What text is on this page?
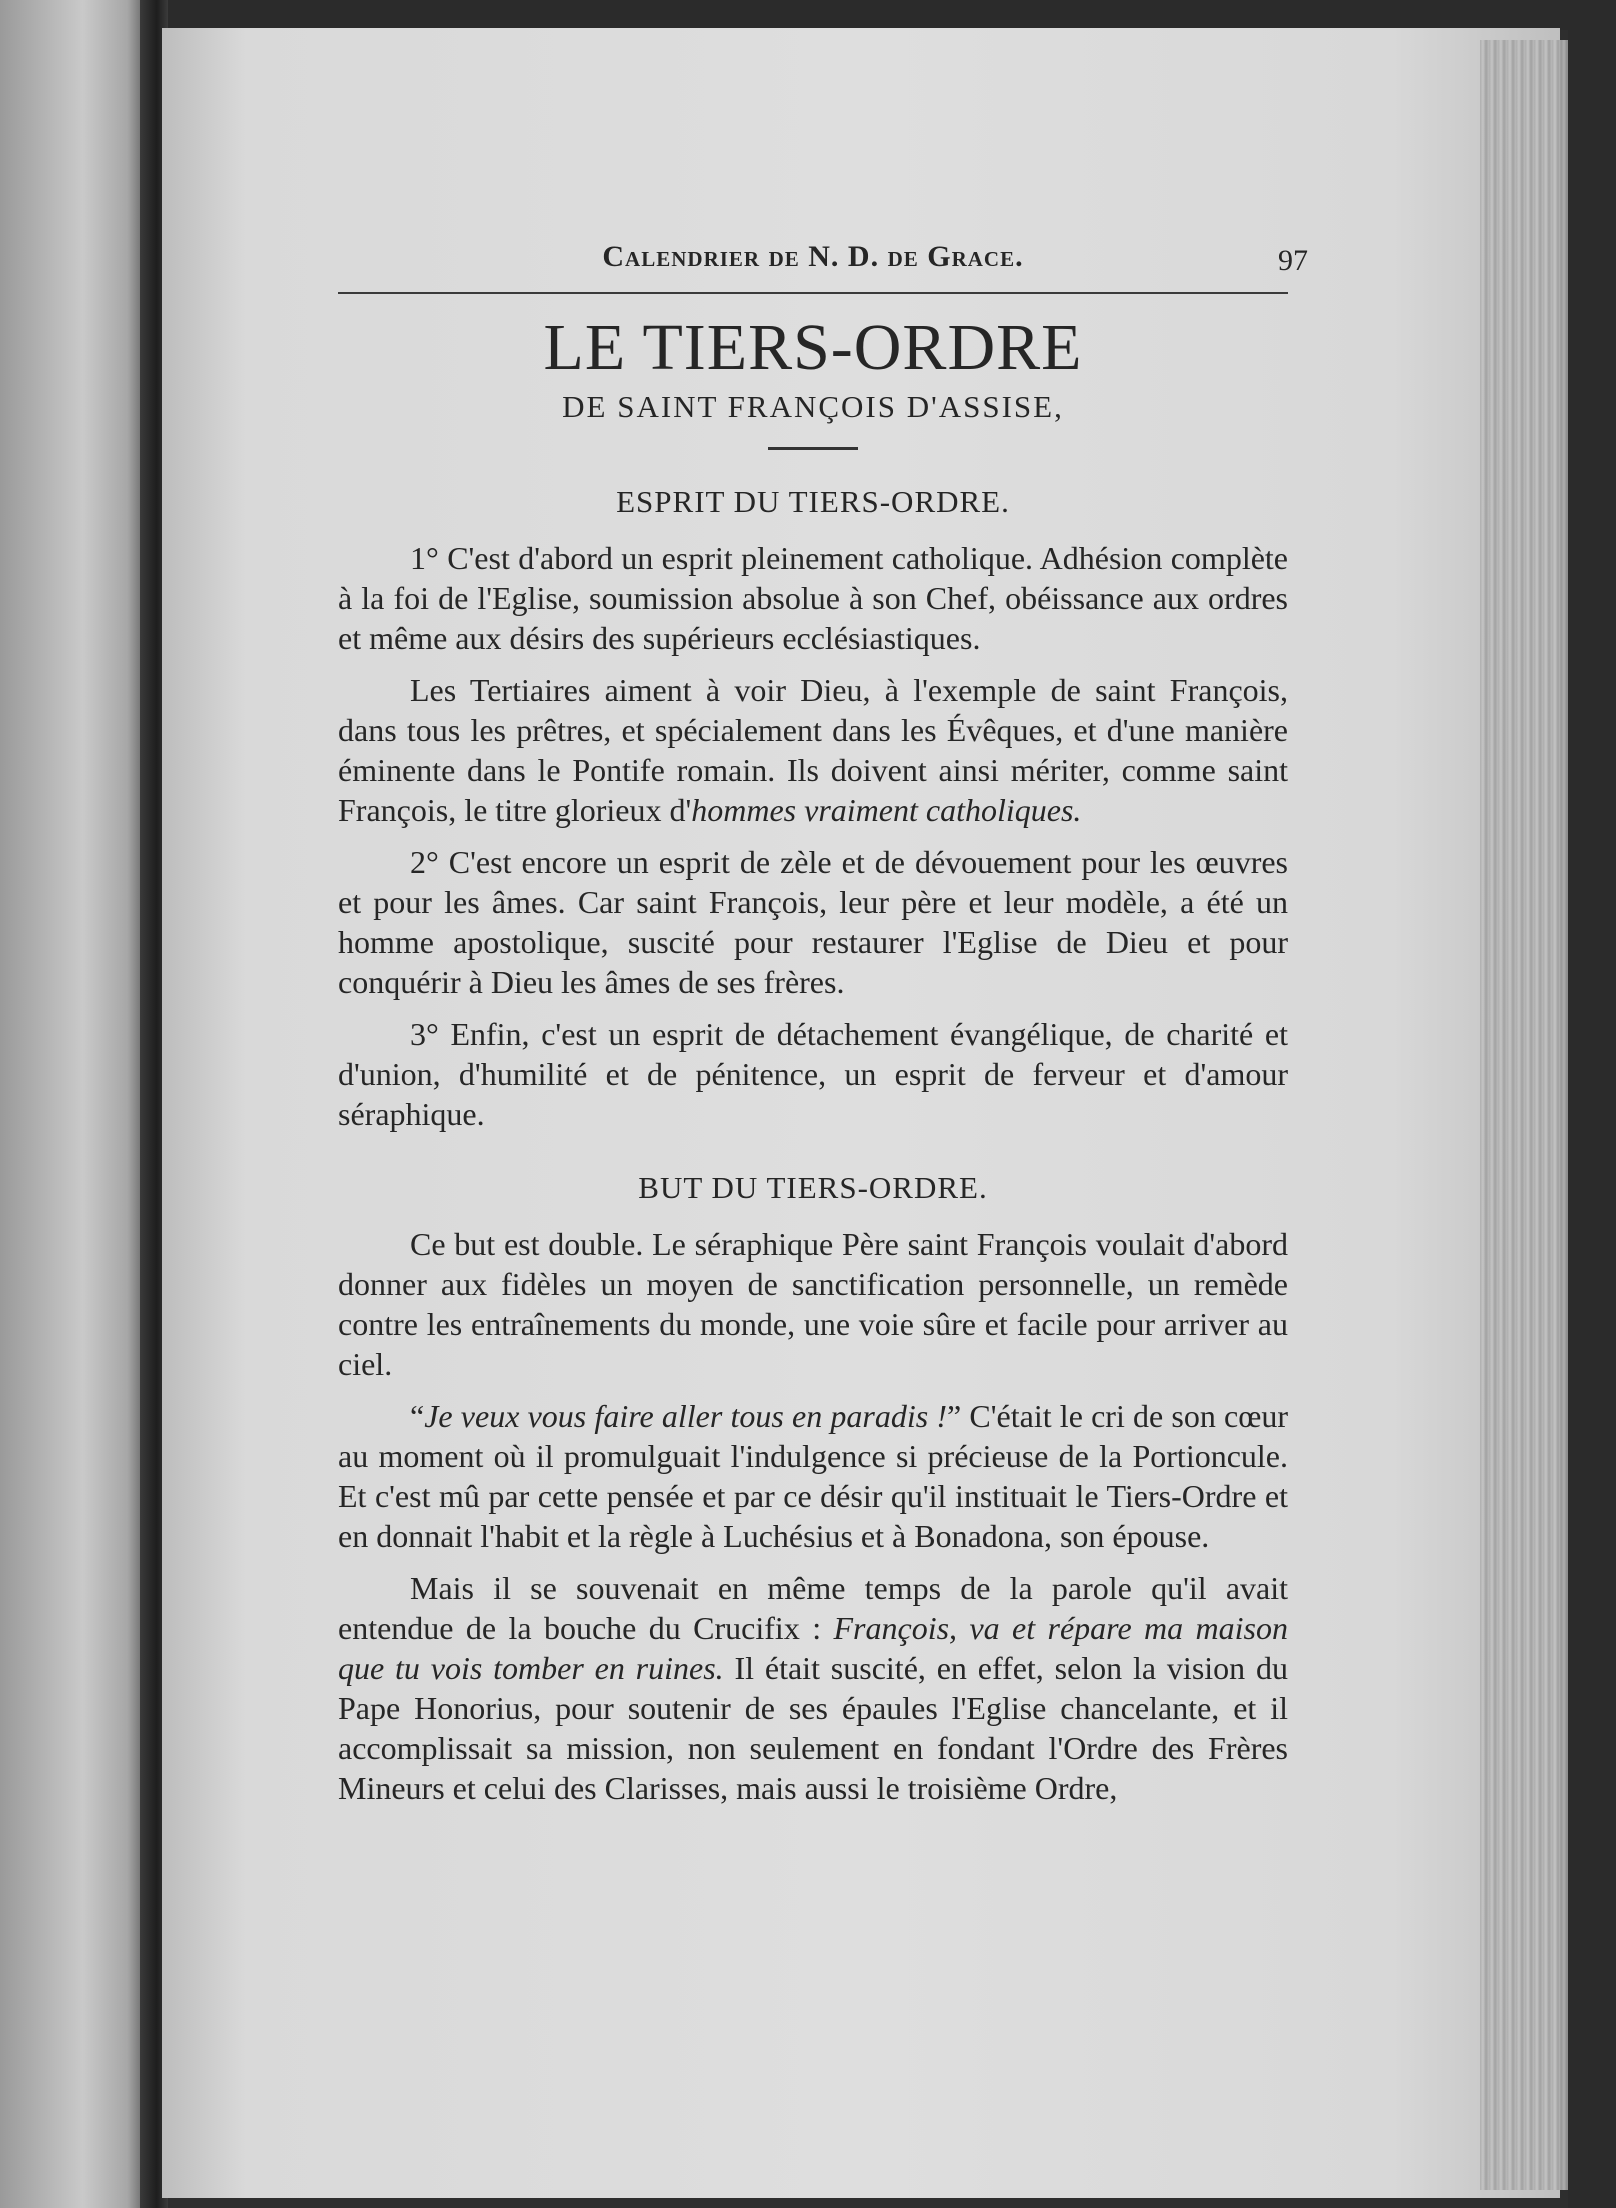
Calendrier de N. D. de Grace.	97
LE TIERS-ORDRE
DE SAINT FRANÇOIS D'ASSISE,
ESPRIT DU TIERS-ORDRE.

1° C'est d'abord un esprit pleinement catholique. Adhésion complète à la foi de l'Eglise, soumission absolue à son Chef, obéissance aux ordres et même aux désirs des supérieurs ecclésiastiques.

Les Tertiaires aiment à voir Dieu, à l'exemple de saint François, dans tous les prêtres, et spécialement dans les Évêques, et d'une manière éminente dans le Pontife romain. Ils doivent ainsi mériter, comme saint François, le titre glorieux d'hommes vraiment catholiques.

2° C'est encore un esprit de zèle et de dévouement pour les œuvres et pour les âmes. Car saint François, leur père et leur modèle, a été un homme apostolique, suscité pour restaurer l'Eglise de Dieu et pour conquérir à Dieu les âmes de ses frères.

3° Enfin, c'est un esprit de détachement évangélique, de charité et d'union, d'humilité et de pénitence, un esprit de ferveur et d'amour séraphique.

BUT DU TIERS-ORDRE.

Ce but est double. Le séraphique Père saint François voulait d'abord donner aux fidèles un moyen de sanctification personnelle, un remède contre les entraînements du monde, une voie sûre et facile pour arriver au ciel.

“Je veux vous faire aller tous en paradis !” C'était le cri de son cœur au moment où il promulguait l'indulgence si précieuse de la Portioncule. Et c'est mû par cette pensée et par ce désir qu'il instituait le Tiers-Ordre et en donnait l'habit et la règle à Luchésius et à Bonadona, son épouse.

Mais il se souvenait en même temps de la parole qu'il avait entendue de la bouche du Crucifix : François, va et répare ma maison que tu vois tomber en ruines. Il était suscité, en effet, selon la vision du Pape Honorius, pour soutenir de ses épaules l'Eglise chancelante, et il accomplissait sa mission, non seulement en fondant l'Ordre des Frères Mineurs et celui des Clarisses, mais aussi le troisième Ordre,
